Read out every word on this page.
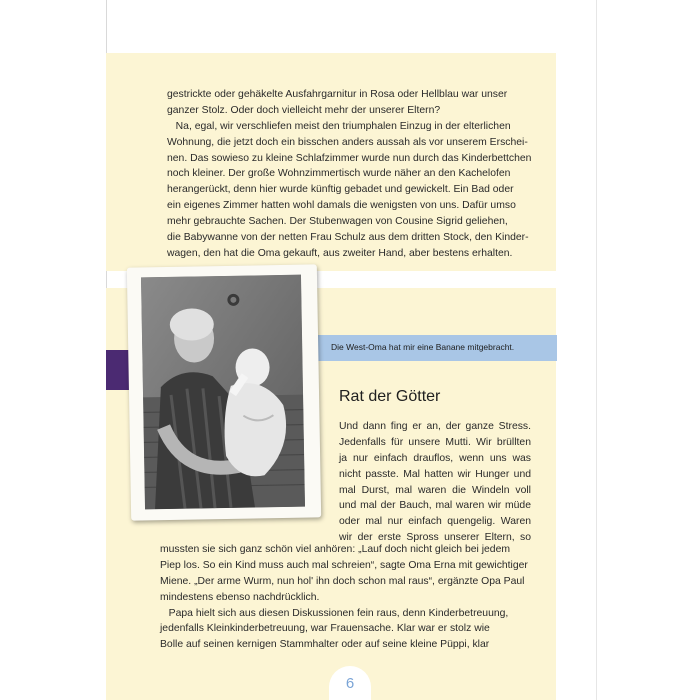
Die West-Oma hat mir eine Banane mitgebracht.
gestrickte oder gehäkelte Ausfahrgarnitur in Rosa oder Hellblau war unser
ganzer Stolz. Oder doch vielleicht mehr der unserer Eltern?
Na, egal, wir verschliefen meist den triumphalen Einzug in der elterlichen
Wohnung, die jetzt doch ein bisschen anders aussah als vor unserem Erschei-
nen. Das sowieso zu kleine Schlafzimmer wurde nun durch das Kinderbettchen
noch kleiner. Der große Wohnzimmertisch wurde näher an den Kachelofen
herangerückt, denn hier wurde künftig gebadet und gewickelt. Ein Bad oder
ein eigenes Zimmer hatten wohl damals die wenigsten von uns. Dafür umso
mehr gebrauchte Sachen. Der Stubenwagen von Cousine Sigrid geliehen,
die Babywanne von der netten Frau Schulz aus dem dritten Stock, den Kinder-
wagen, den hat die Oma gekauft, aus zweiter Hand, aber bestens erhalten.
Rat der Götter
Und dann fing er an, der ganze Stress.
Jedenfalls für unsere Mutti. Wir brüllten
ja nur einfach drauflos, wenn uns was
nicht passte. Mal hatten wir Hunger und
mal Durst, mal waren die Windeln voll
und mal der Bauch, mal waren wir müde
oder mal nur einfach quengelig. Waren
wir der erste Spross unserer Eltern, so
mussten sie sich ganz schön viel anhören: „Lauf doch nicht gleich bei jedem
Piep los. So ein Kind muss auch mal schreien“, sagte Oma Erna mit gewichtiger
Miene. „Der arme Wurm, nun hol' ihn doch schon mal raus“, ergänzte Opa Paul
mindestens ebenso nachdrücklich.
Papa hielt sich aus diesen Diskussionen fein raus, denn Kinderbetreuung,
jedenfalls Kleinkinderbetreuung, war Frauensache. Klar war er stolz wie
Bolle auf seinen kernigen Stammhalter oder auf seine kleine Püppi, klar
6
